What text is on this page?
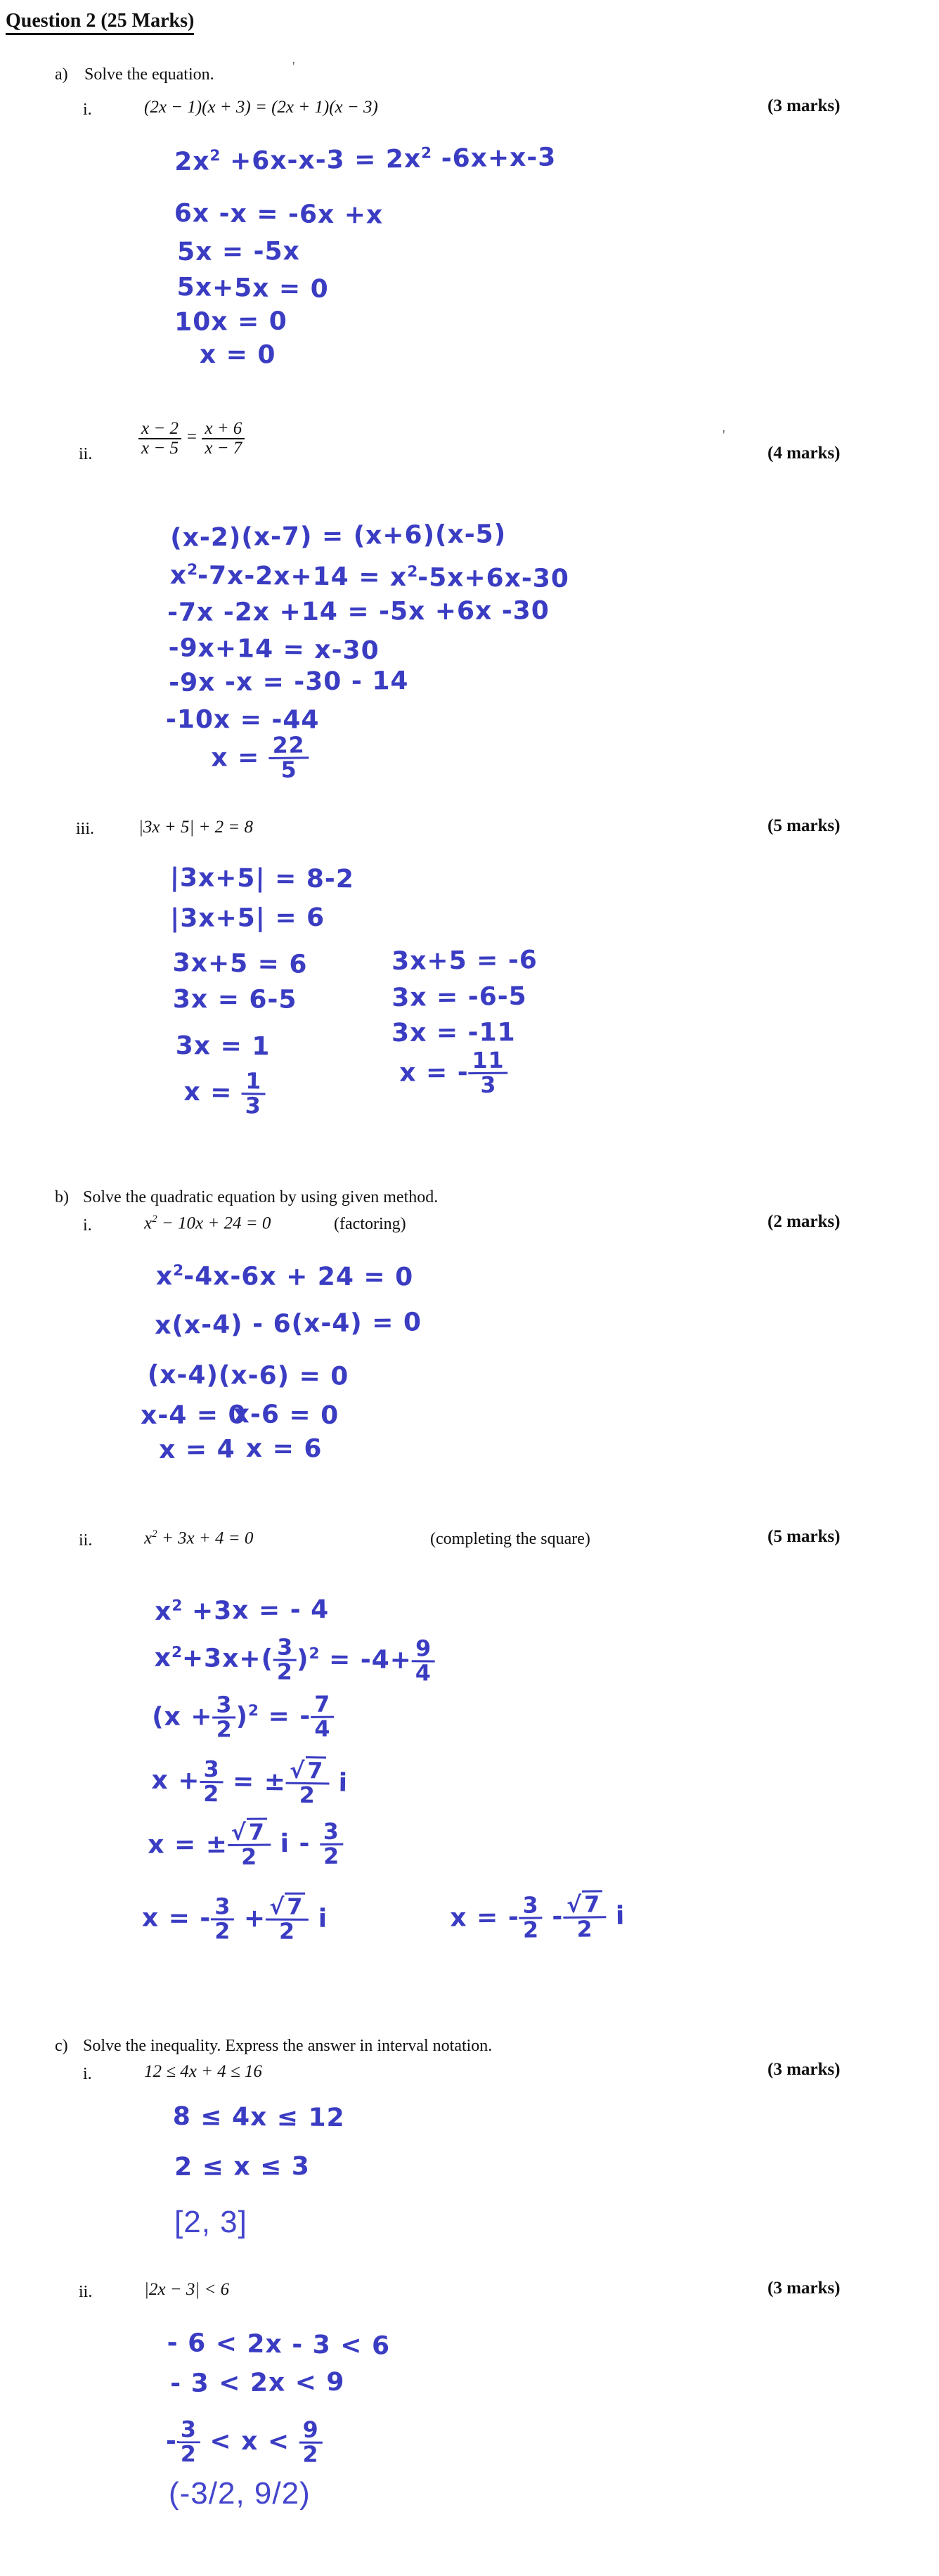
Question 2 (25 Marks)
a) Solve the equation.
i.	(2x − 1)(x + 3) = (2x + 1)(x − 3)	(3 marks)
ii.	$\frac{x - 2}{x - 5} = \frac{x + 6}{x - 7}$	(4 marks)
iii.	|3x + 5| + 2 = 8	(5 marks)
b) Solve the quadratic equation by using given method.
i.	$x^2 - 10x + 24 = 0$	(factoring)	(2 marks)
ii.	$x^2 + 3x + 4 = 0$	(completing the square)	(5 marks)
c) Solve the inequality. Express the answer in interval notation.
i.	12 ≤ 4x + 4 ≤ 16	(3 marks)
ii.	|2x − 3| < 6	(3 marks)
$2x^2 +6x-x-3 = 2x^2$ -6x+x-3
6x -x = -6x +x
5x = -5x
5x+5x = 0
10x = 0
x = 0
(x-2)(x-7) = (x+6)(x-5)
$x^2-7x-2x+14 = x^2-5x+6x-30$
-7x -2x +14 = -5x +6x -30
-9x+14 = x-30
-9x -x = -30 - 14
-10x = -44
$x = \frac{22}{5}$
|3x+5| = 8-2
|3x+5| = 6
3x+5 = 6	3x+5 = -6
3x = 6-5	3x = -6-5
3x = 1	3x = -11
$x = \frac{1}{3}$	x = - $\frac{11}{3}$
$x^2-4x-6x + 24 = 0$
x(x-4) - 6(x-4) = 0
(x-4)(x-6) = 0
x-4 = 0
x-6 = 0
x = 4 x = 6
$x^2 +3x$ = - 4
$x^2+3x+( \frac{3}{2} )^2 = -4+ \frac{9}{4}$
$(x + \frac{3}{2} )^2$ = - $\frac{7}{4}$
$x + \frac{3}{2}$ = ± $\frac{√7}{2}$ i
x = ± $\frac{√7}{2}$ i - $\frac{3}{2}$
x = - $\frac{3}{2} + \frac{√7}{2}$ i	x = - $\frac{3}{2} - \frac{√7}{2}$ i
8 ≤ 4x ≤ 12
2 ≤ x ≤ 3
- 6 < 2x - 3 < 6
- 3 < 2x < 9
- $\frac{3}{2} < x < \frac{9}{2}$
[2, 3]
(-3/2, 9/2)
'
'
